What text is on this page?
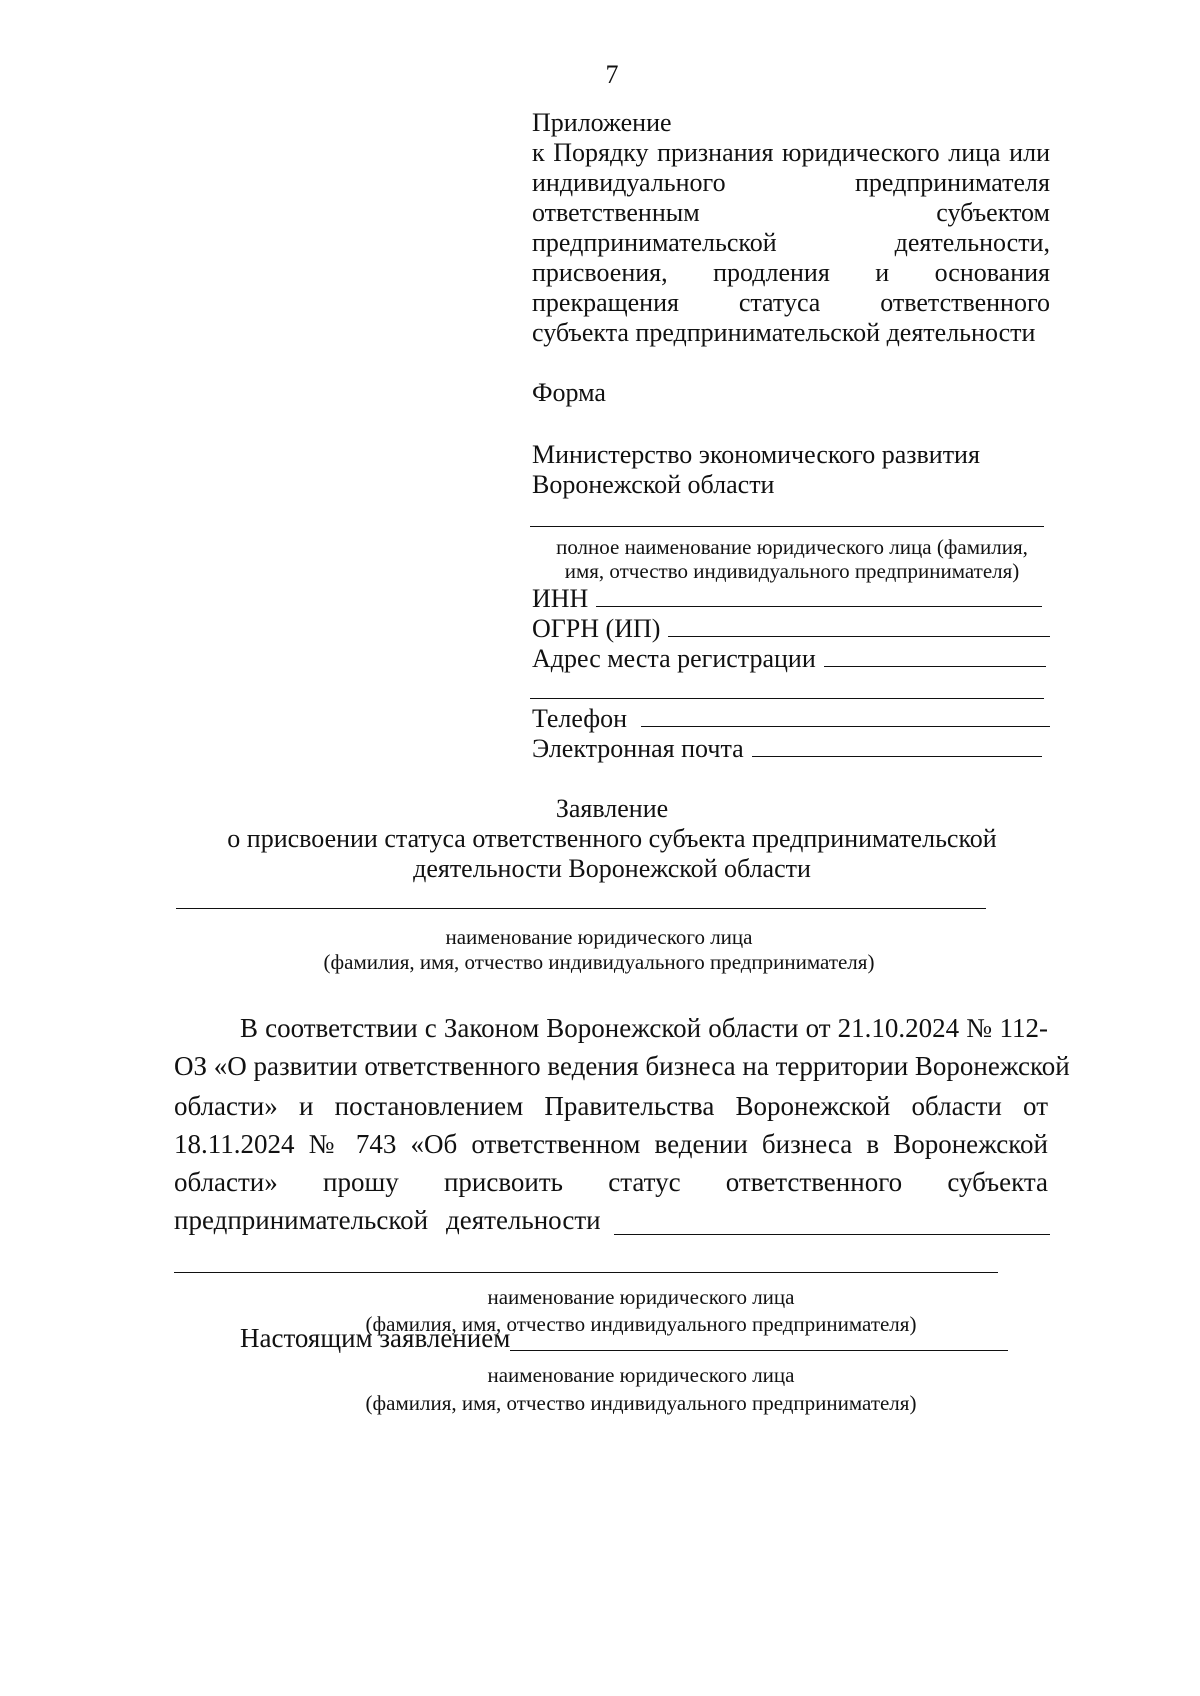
7
Приложение
к Порядку признания юридического лица или
индивидуального предпринимателя
ответственным субъектом
предпринимательской деятельности,
присвоения, продления и основания
прекращения статуса ответственного
субъекта предпринимательской деятельности
Форма
Министерство экономического развития
Воронежской области
полное наименование юридического лица (фамилия,
имя, отчество индивидуального предпринимателя)
ИНН
ОГРН (ИП)
Адрес места регистрации
Телефон
Электронная почта
Заявление
о присвоении статуса ответственного субъекта предпринимательской
деятельности Воронежской области
наименование юридического лица
(фамилия, имя, отчество индивидуального предпринимателя)
В соответствии с Законом Воронежской области от 21.10.2024 № 112-
ОЗ «О развитии ответственного ведения бизнеса на территории Воронежской
области» и постановлением Правительства Воронежской области от
18.11.2024 № 743 «Об ответственном ведении бизнеса в Воронежской
области» прошу присвоить статус ответственного субъекта
предпринимательской деятельности
наименование юридического лица
(фамилия, имя, отчество индивидуального предпринимателя)
Настоящим заявлением
наименование юридического лица
(фамилия, имя, отчество индивидуального предпринимателя)
